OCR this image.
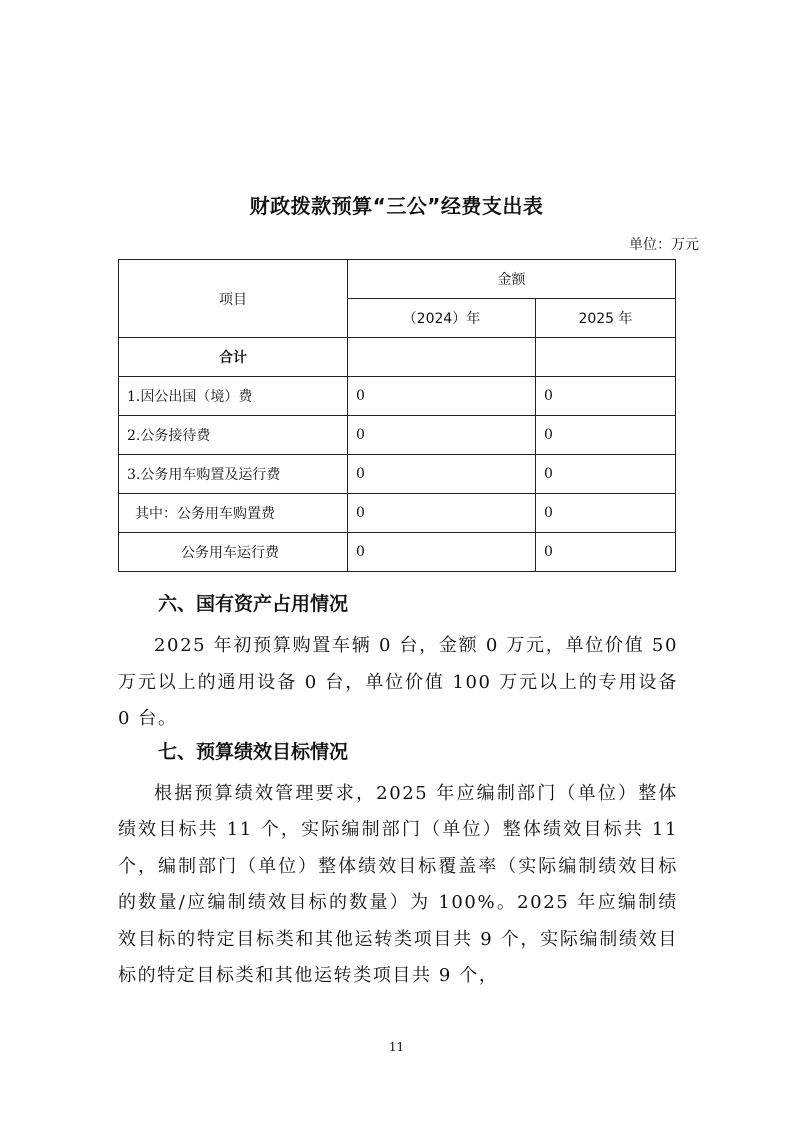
财政拨款预算“三公”经费支出表
单位：万元
项目	金额	
	（2024）年	2025 年
合计		
1.因公出国（境）费	0	0
2.公务接待费	0	0
3.公务用车购置及运行费	0	0
其中：公务用车购置费	0	0
公务用车运行费	0	0
六、国有资产占用情况

2025 年初预算购置车辆 0 台，金额 0 万元，单位价值 50 万元以上的通用设备 0 台，单位价值 100 万元以上的专用设备 0 台。

七、预算绩效目标情况

根据预算绩效管理要求，2025 年应编制部门（单位）整体绩效目标共 11 个，实际编制部门（单位）整体绩效目标共 11 个，编制部门（单位）整体绩效目标覆盖率（实际编制绩效目标的数量/应编制绩效目标的数量）为 100%。2025 年应编制绩效目标的特定目标类和其他运转类项目共 9 个，实际编制绩效目标的特定目标类和其他运转类项目共 9 个，

11
